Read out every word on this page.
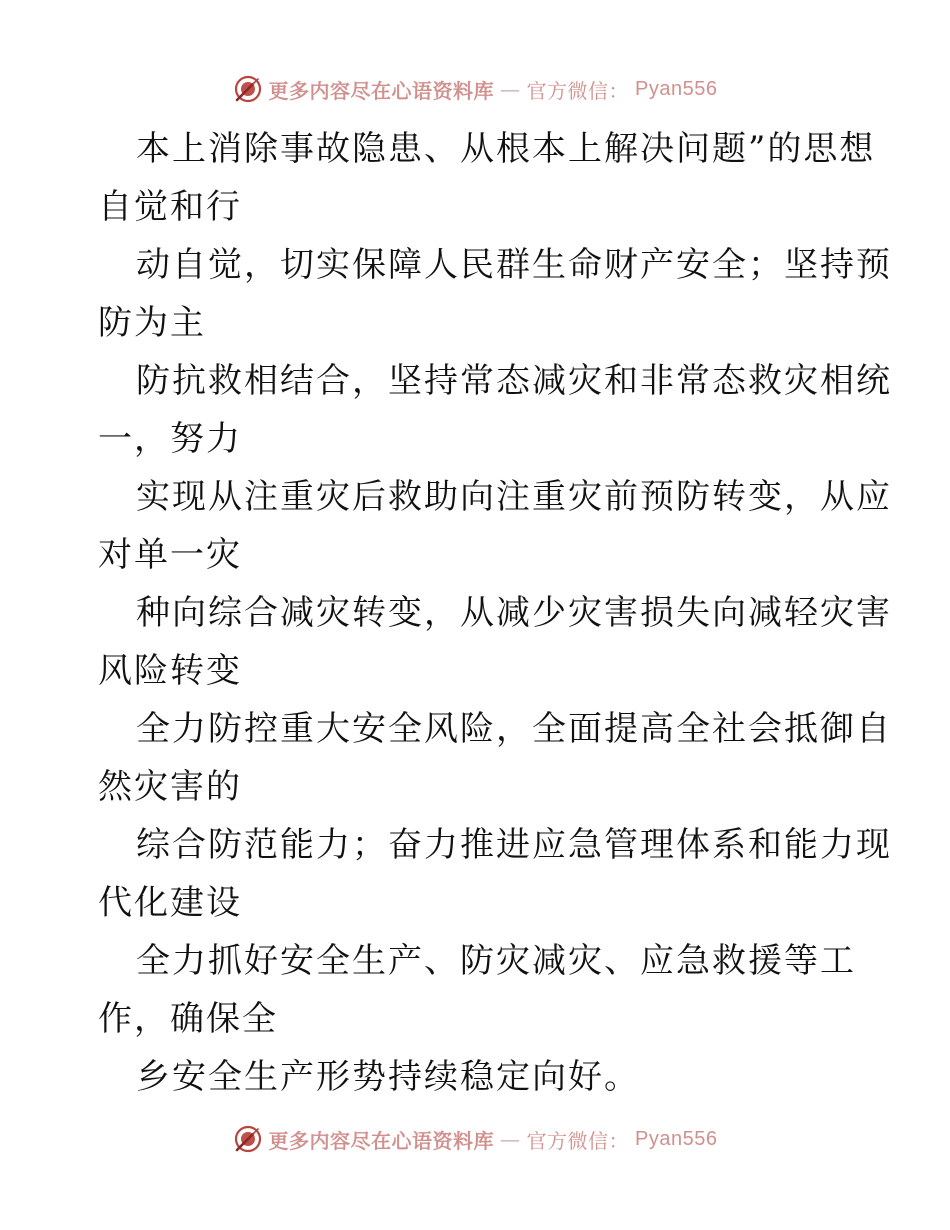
更多内容尽在心语资料库 — 官方微信： Pyan556
本上消除事故隐患、从根本上解决问题”的思想
自觉和行
动自觉，切实保障人民群生命财产安全；坚持预
防为主
防抗救相结合，坚持常态减灾和非常态救灾相统
一，努力
实现从注重灾后救助向注重灾前预防转变，从应
对单一灾
种向综合减灾转变，从减少灾害损失向减轻灾害
风险转变
全力防控重大安全风险，全面提高全社会抵御自
然灾害的
综合防范能力；奋力推进应急管理体系和能力现
代化建设
全力抓好安全生产、防灾减灾、应急救援等工
作，确保全
乡安全生产形势持续稳定向好。
更多内容尽在心语资料库 — 官方微信： Pyan556
